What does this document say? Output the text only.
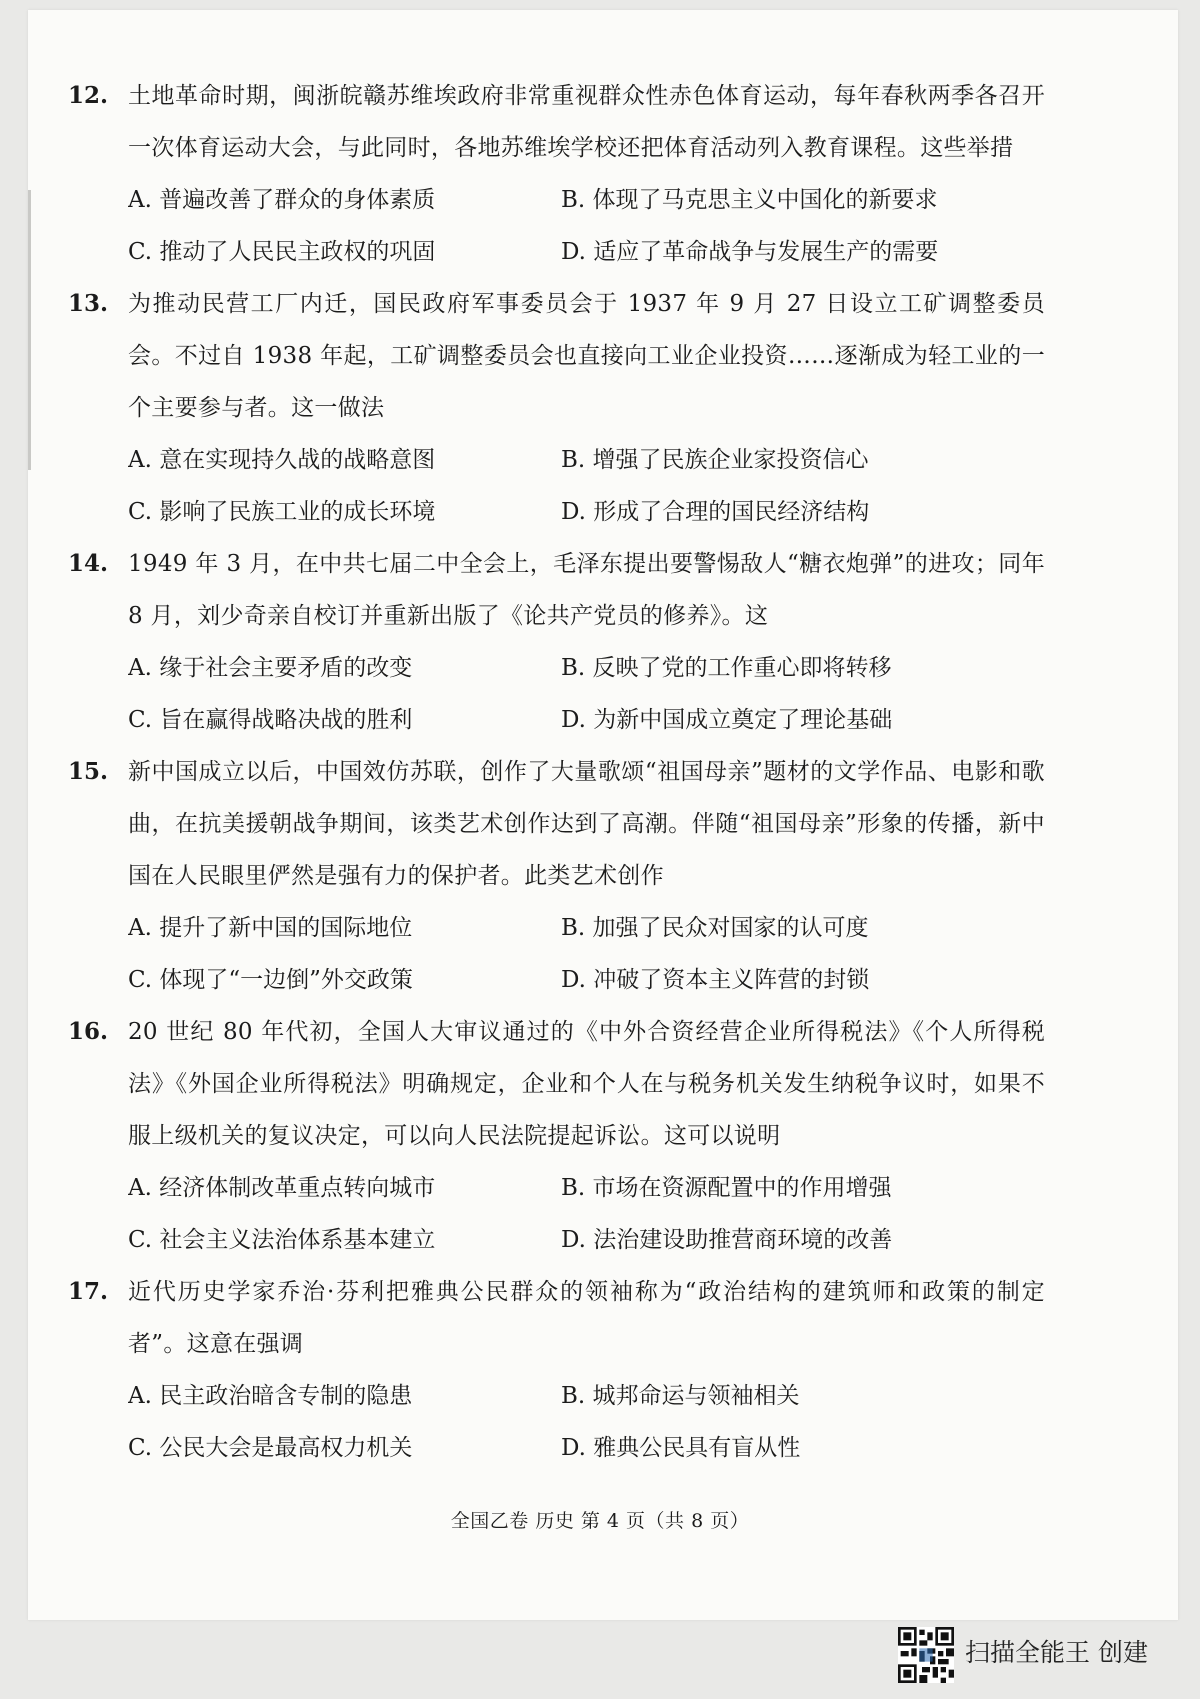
12. 土地革命时期，闽浙皖赣苏维埃政府非常重视群众性赤色体育运动，每年春秋两季各召开一次体育运动大会，与此同时，各地苏维埃学校还把体育活动列入教育课程。这些举措
A. 普遍改善了群众的身体素质	B. 体现了马克思主义中国化的新要求
C. 推动了人民民主政权的巩固	D. 适应了革命战争与发展生产的需要
13. 为推动民营工厂内迁，国民政府军事委员会于 1937 年 9 月 27 日设立工矿调整委员会。不过自 1938 年起，工矿调整委员会也直接向工业企业投资……逐渐成为轻工业的一个主要参与者。这一做法
A. 意在实现持久战的战略意图	B. 增强了民族企业家投资信心
C. 影响了民族工业的成长环境	D. 形成了合理的国民经济结构
14. 1949 年 3 月，在中共七届二中全会上，毛泽东提出要警惕敌人“糖衣炮弹”的进攻；同年 8 月，刘少奇亲自校订并重新出版了《论共产党员的修养》。这
A. 缘于社会主要矛盾的改变	B. 反映了党的工作重心即将转移
C. 旨在赢得战略决战的胜利	D. 为新中国成立奠定了理论基础
15. 新中国成立以后，中国效仿苏联，创作了大量歌颂“祖国母亲”题材的文学作品、电影和歌曲，在抗美援朝战争期间，该类艺术创作达到了高潮。伴随“祖国母亲”形象的传播，新中国在人民眼里俨然是强有力的保护者。此类艺术创作
A. 提升了新中国的国际地位	B. 加强了民众对国家的认可度
C. 体现了“一边倒”外交政策	D. 冲破了资本主义阵营的封锁
16. 20 世纪 80 年代初，全国人大审议通过的《中外合资经营企业所得税法》《个人所得税法》《外国企业所得税法》明确规定，企业和个人在与税务机关发生纳税争议时，如果不服上级机关的复议决定，可以向人民法院提起诉讼。这可以说明
A. 经济体制改革重点转向城市	B. 市场在资源配置中的作用增强
C. 社会主义法治体系基本建立	D. 法治建设助推营商环境的改善
17. 近代历史学家乔治·芬利把雅典公民群众的领袖称为“政治结构的建筑师和政策的制定者”。这意在强调
A. 民主政治暗含专制的隐患	B. 城邦命运与领袖相关
C. 公民大会是最高权力机关	D. 雅典公民具有盲从性
全国乙卷 历史 第 4 页（共 8 页）
扫描全能王 创建
